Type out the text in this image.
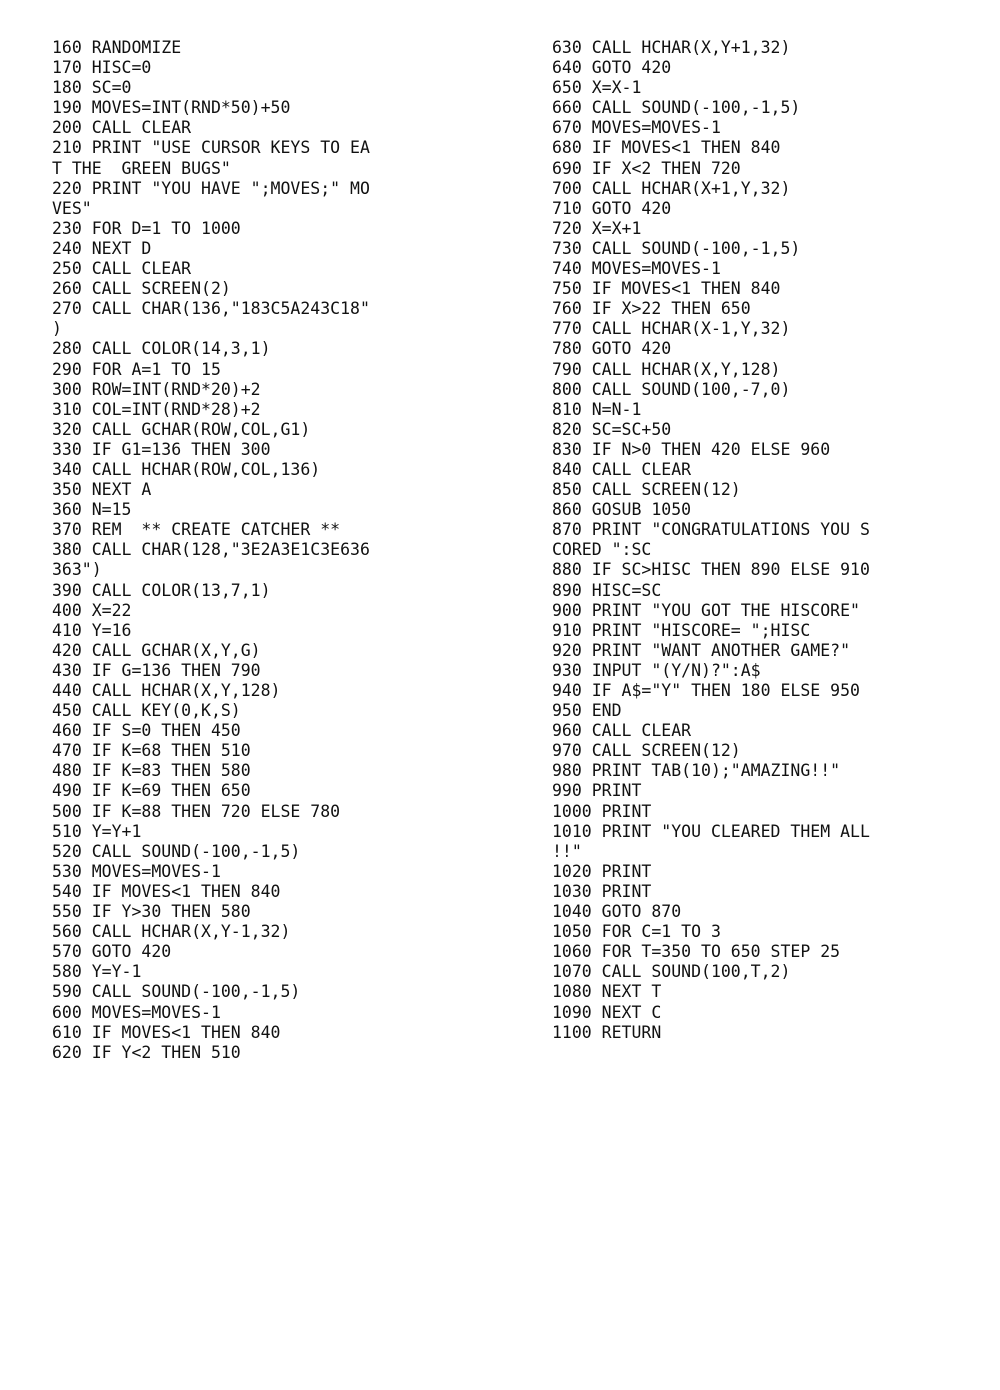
160 RANDOMIZE
170 HISC=0
180 SC=0
190 MOVES=INT(RND*50)+50
200 CALL CLEAR
210 PRINT "USE CURSOR KEYS TO EA
T THE  GREEN BUGS"
220 PRINT "YOU HAVE ";MOVES;" MO
VES"
230 FOR D=1 TO 1000
240 NEXT D
250 CALL CLEAR
260 CALL SCREEN(2)
270 CALL CHAR(136,"183C5A243C18"
)
280 CALL COLOR(14,3,1)
290 FOR A=1 TO 15
300 ROW=INT(RND*20)+2
310 COL=INT(RND*28)+2
320 CALL GCHAR(ROW,COL,G1)
330 IF G1=136 THEN 300
340 CALL HCHAR(ROW,COL,136)
350 NEXT A
360 N=15
370 REM  ** CREATE CATCHER **
380 CALL CHAR(128,"3E2A3E1C3E636
363")
390 CALL COLOR(13,7,1)
400 X=22
410 Y=16
420 CALL GCHAR(X,Y,G)
430 IF G=136 THEN 790
440 CALL HCHAR(X,Y,128)
450 CALL KEY(0,K,S)
460 IF S=0 THEN 450
470 IF K=68 THEN 510
480 IF K=83 THEN 580
490 IF K=69 THEN 650
500 IF K=88 THEN 720 ELSE 780
510 Y=Y+1
520 CALL SOUND(-100,-1,5)
530 MOVES=MOVES-1
540 IF MOVES<1 THEN 840
550 IF Y>30 THEN 580
560 CALL HCHAR(X,Y-1,32)
570 GOTO 420
580 Y=Y-1
590 CALL SOUND(-100,-1,5)
600 MOVES=MOVES-1
610 IF MOVES<1 THEN 840
620 IF Y<2 THEN 510
630 CALL HCHAR(X,Y+1,32)
640 GOTO 420
650 X=X-1
660 CALL SOUND(-100,-1,5)
670 MOVES=MOVES-1
680 IF MOVES<1 THEN 840
690 IF X<2 THEN 720
700 CALL HCHAR(X+1,Y,32)
710 GOTO 420
720 X=X+1
730 CALL SOUND(-100,-1,5)
740 MOVES=MOVES-1
750 IF MOVES<1 THEN 840
760 IF X>22 THEN 650
770 CALL HCHAR(X-1,Y,32)
780 GOTO 420
790 CALL HCHAR(X,Y,128)
800 CALL SOUND(100,-7,0)
810 N=N-1
820 SC=SC+50
830 IF N>0 THEN 420 ELSE 960
840 CALL CLEAR
850 CALL SCREEN(12)
860 GOSUB 1050
870 PRINT "CONGRATULATIONS YOU S
CORED ":SC
880 IF SC>HISC THEN 890 ELSE 910
890 HISC=SC
900 PRINT "YOU GOT THE HISCORE"
910 PRINT "HISCORE= ";HISC
920 PRINT "WANT ANOTHER GAME?"
930 INPUT "(Y/N)?":A$
940 IF A$="Y" THEN 180 ELSE 950
950 END
960 CALL CLEAR
970 CALL SCREEN(12)
980 PRINT TAB(10);"AMAZING!!"
990 PRINT
1000 PRINT
1010 PRINT "YOU CLEARED THEM ALL
!!"
1020 PRINT
1030 PRINT
1040 GOTO 870
1050 FOR C=1 TO 3
1060 FOR T=350 TO 650 STEP 25
1070 CALL SOUND(100,T,2)
1080 NEXT T
1090 NEXT C
1100 RETURN
